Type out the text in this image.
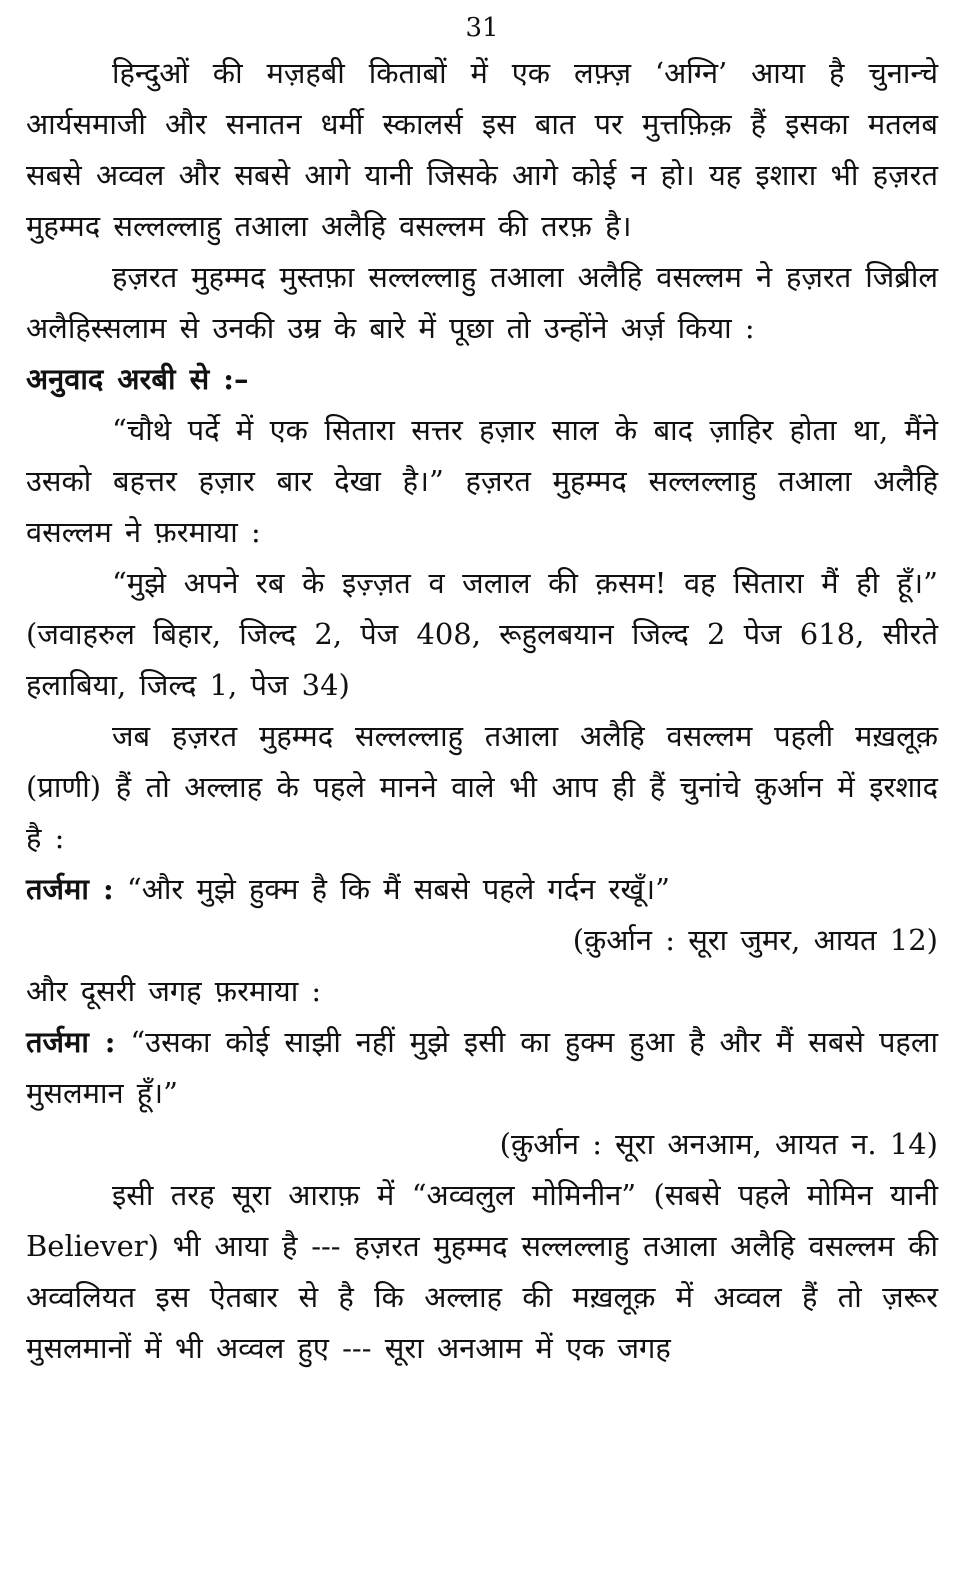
31

हिन्दुओं की मज़हबी किताबों में एक लफ़्ज़ ‘अग्नि’ आया है चुनान्चे आर्यसमाजी और सनातन धर्मी स्कालर्स इस बात पर मुत्तफ़िक़ हैं इसका मतलब सबसे अव्वल और सबसे आगे यानी जिसके आगे कोई न हो। यह इशारा भी हज़रत मुहम्मद सल्लल्लाहु तआला अलैहि वसल्लम की तरफ़ है।

हज़रत मुहम्मद मुस्तफ़ा सल्लल्लाहु तआला अलैहि वसल्लम ने हज़रत जिब्रील अलैहिस्सलाम से उनकी उम्र के बारे में पूछा तो उन्होंने अर्ज़ किया :

अनुवाद अरबी से :–

“चौथे पर्दे में एक सितारा सत्तर हज़ार साल के बाद ज़ाहिर होता था, मैंने उसको बहत्तर हज़ार बार देखा है।” हज़रत मुहम्मद सल्लल्लाहु तआला अलैहि वसल्लम ने फ़रमाया :

“मुझे अपने रब के इज़्ज़त व जलाल की क़सम! वह सितारा मैं ही हूँ।” (जवाहरुल बिहार, जिल्द 2, पेज 408, रूहुलबयान जिल्द 2 पेज 618, सीरते हलाबिया, जिल्द 1, पेज 34)

जब हज़रत मुहम्मद सल्लल्लाहु तआला अलैहि वसल्लम पहली मख़लूक़ (प्राणी) हैं तो अल्लाह के पहले मानने वाले भी आप ही हैं चुनांचे क़ुर्आन में इरशाद है :

तर्जमा : “और मुझे हुक्म है कि मैं सबसे पहले गर्दन रखूँ।”

(क़ुर्आन : सूरा जुमर, आयत 12)

और दूसरी जगह फ़रमाया :

तर्जमा : “उसका कोई साझी नहीं मुझे इसी का हुक्म हुआ है और मैं सबसे पहला मुसलमान हूँ।”

(क़ुर्आन : सूरा अनआम, आयत न. 14)

इसी तरह सूरा आराफ़ में “अव्वलुल मोमिनीन” (सबसे पहले मोमिन यानी Believer) भी आया है --- हज़रत मुहम्मद सल्लल्लाहु तआला अलैहि वसल्लम की अव्वलियत इस ऐतबार से है कि अल्लाह की मख़लूक़ में अव्वल हैं तो ज़रूर मुसलमानों में भी अव्वल हुए --- सूरा अनआम में एक जगह
